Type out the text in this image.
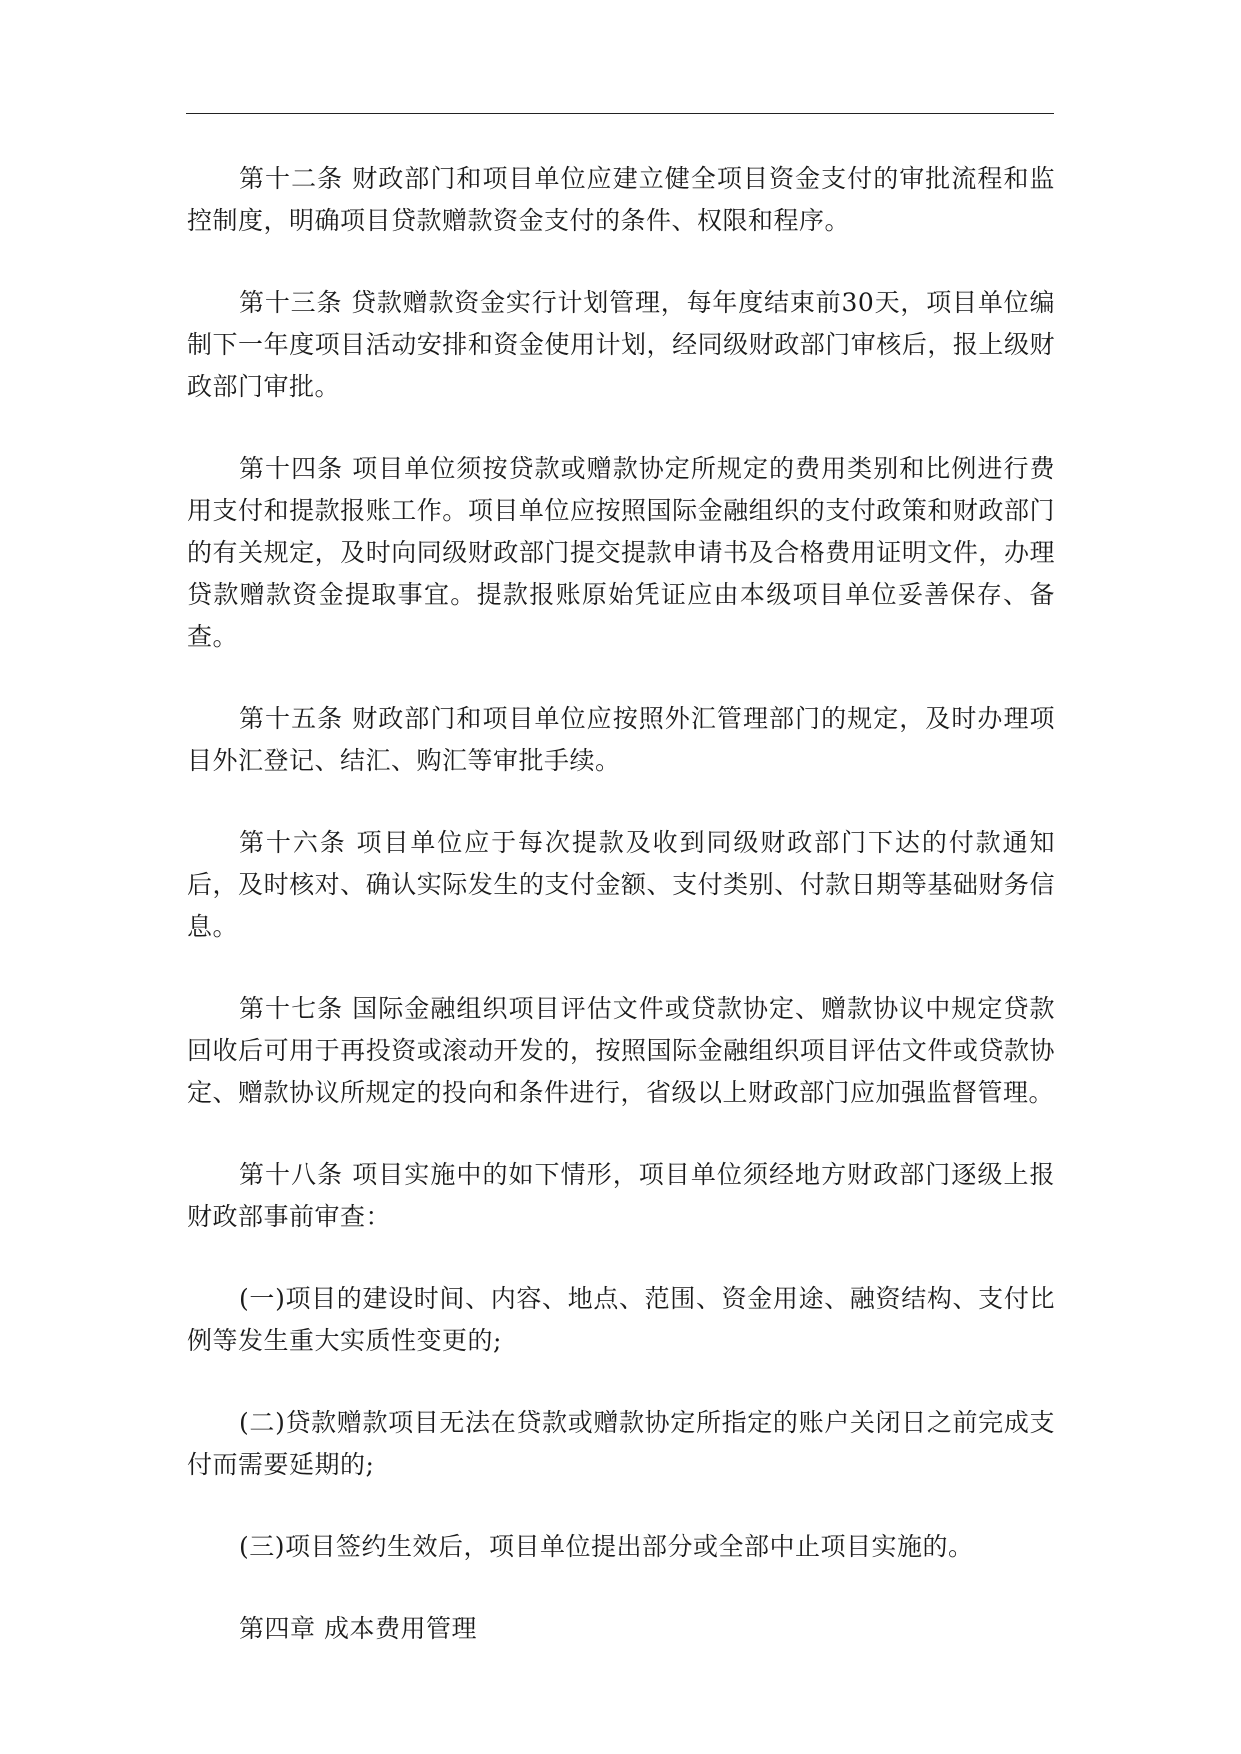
第十二条 财政部门和项目单位应建立健全项目资金支付的审批流程和监控制度，明确项目贷款赠款资金支付的条件、权限和程序。

第十三条 贷款赠款资金实行计划管理，每年度结束前30天，项目单位编制下一年度项目活动安排和资金使用计划，经同级财政部门审核后，报上级财政部门审批。

第十四条 项目单位须按贷款或赠款协定所规定的费用类别和比例进行费用支付和提款报账工作。项目单位应按照国际金融组织的支付政策和财政部门的有关规定，及时向同级财政部门提交提款申请书及合格费用证明文件，办理贷款赠款资金提取事宜。提款报账原始凭证应由本级项目单位妥善保存、备查。

第十五条 财政部门和项目单位应按照外汇管理部门的规定，及时办理项目外汇登记、结汇、购汇等审批手续。

第十六条 项目单位应于每次提款及收到同级财政部门下达的付款通知后，及时核对、确认实际发生的支付金额、支付类别、付款日期等基础财务信息。

第十七条 国际金融组织项目评估文件或贷款协定、赠款协议中规定贷款回收后可用于再投资或滚动开发的，按照国际金融组织项目评估文件或贷款协定、赠款协议所规定的投向和条件进行，省级以上财政部门应加强监督管理。

第十八条 项目实施中的如下情形，项目单位须经地方财政部门逐级上报财政部事前审查：

(一)项目的建设时间、内容、地点、范围、资金用途、融资结构、支付比例等发生重大实质性变更的;

(二)贷款赠款项目无法在贷款或赠款协定所指定的账户关闭日之前完成支付而需要延期的;

(三)项目签约生效后，项目单位提出部分或全部中止项目实施的。

第四章 成本费用管理
